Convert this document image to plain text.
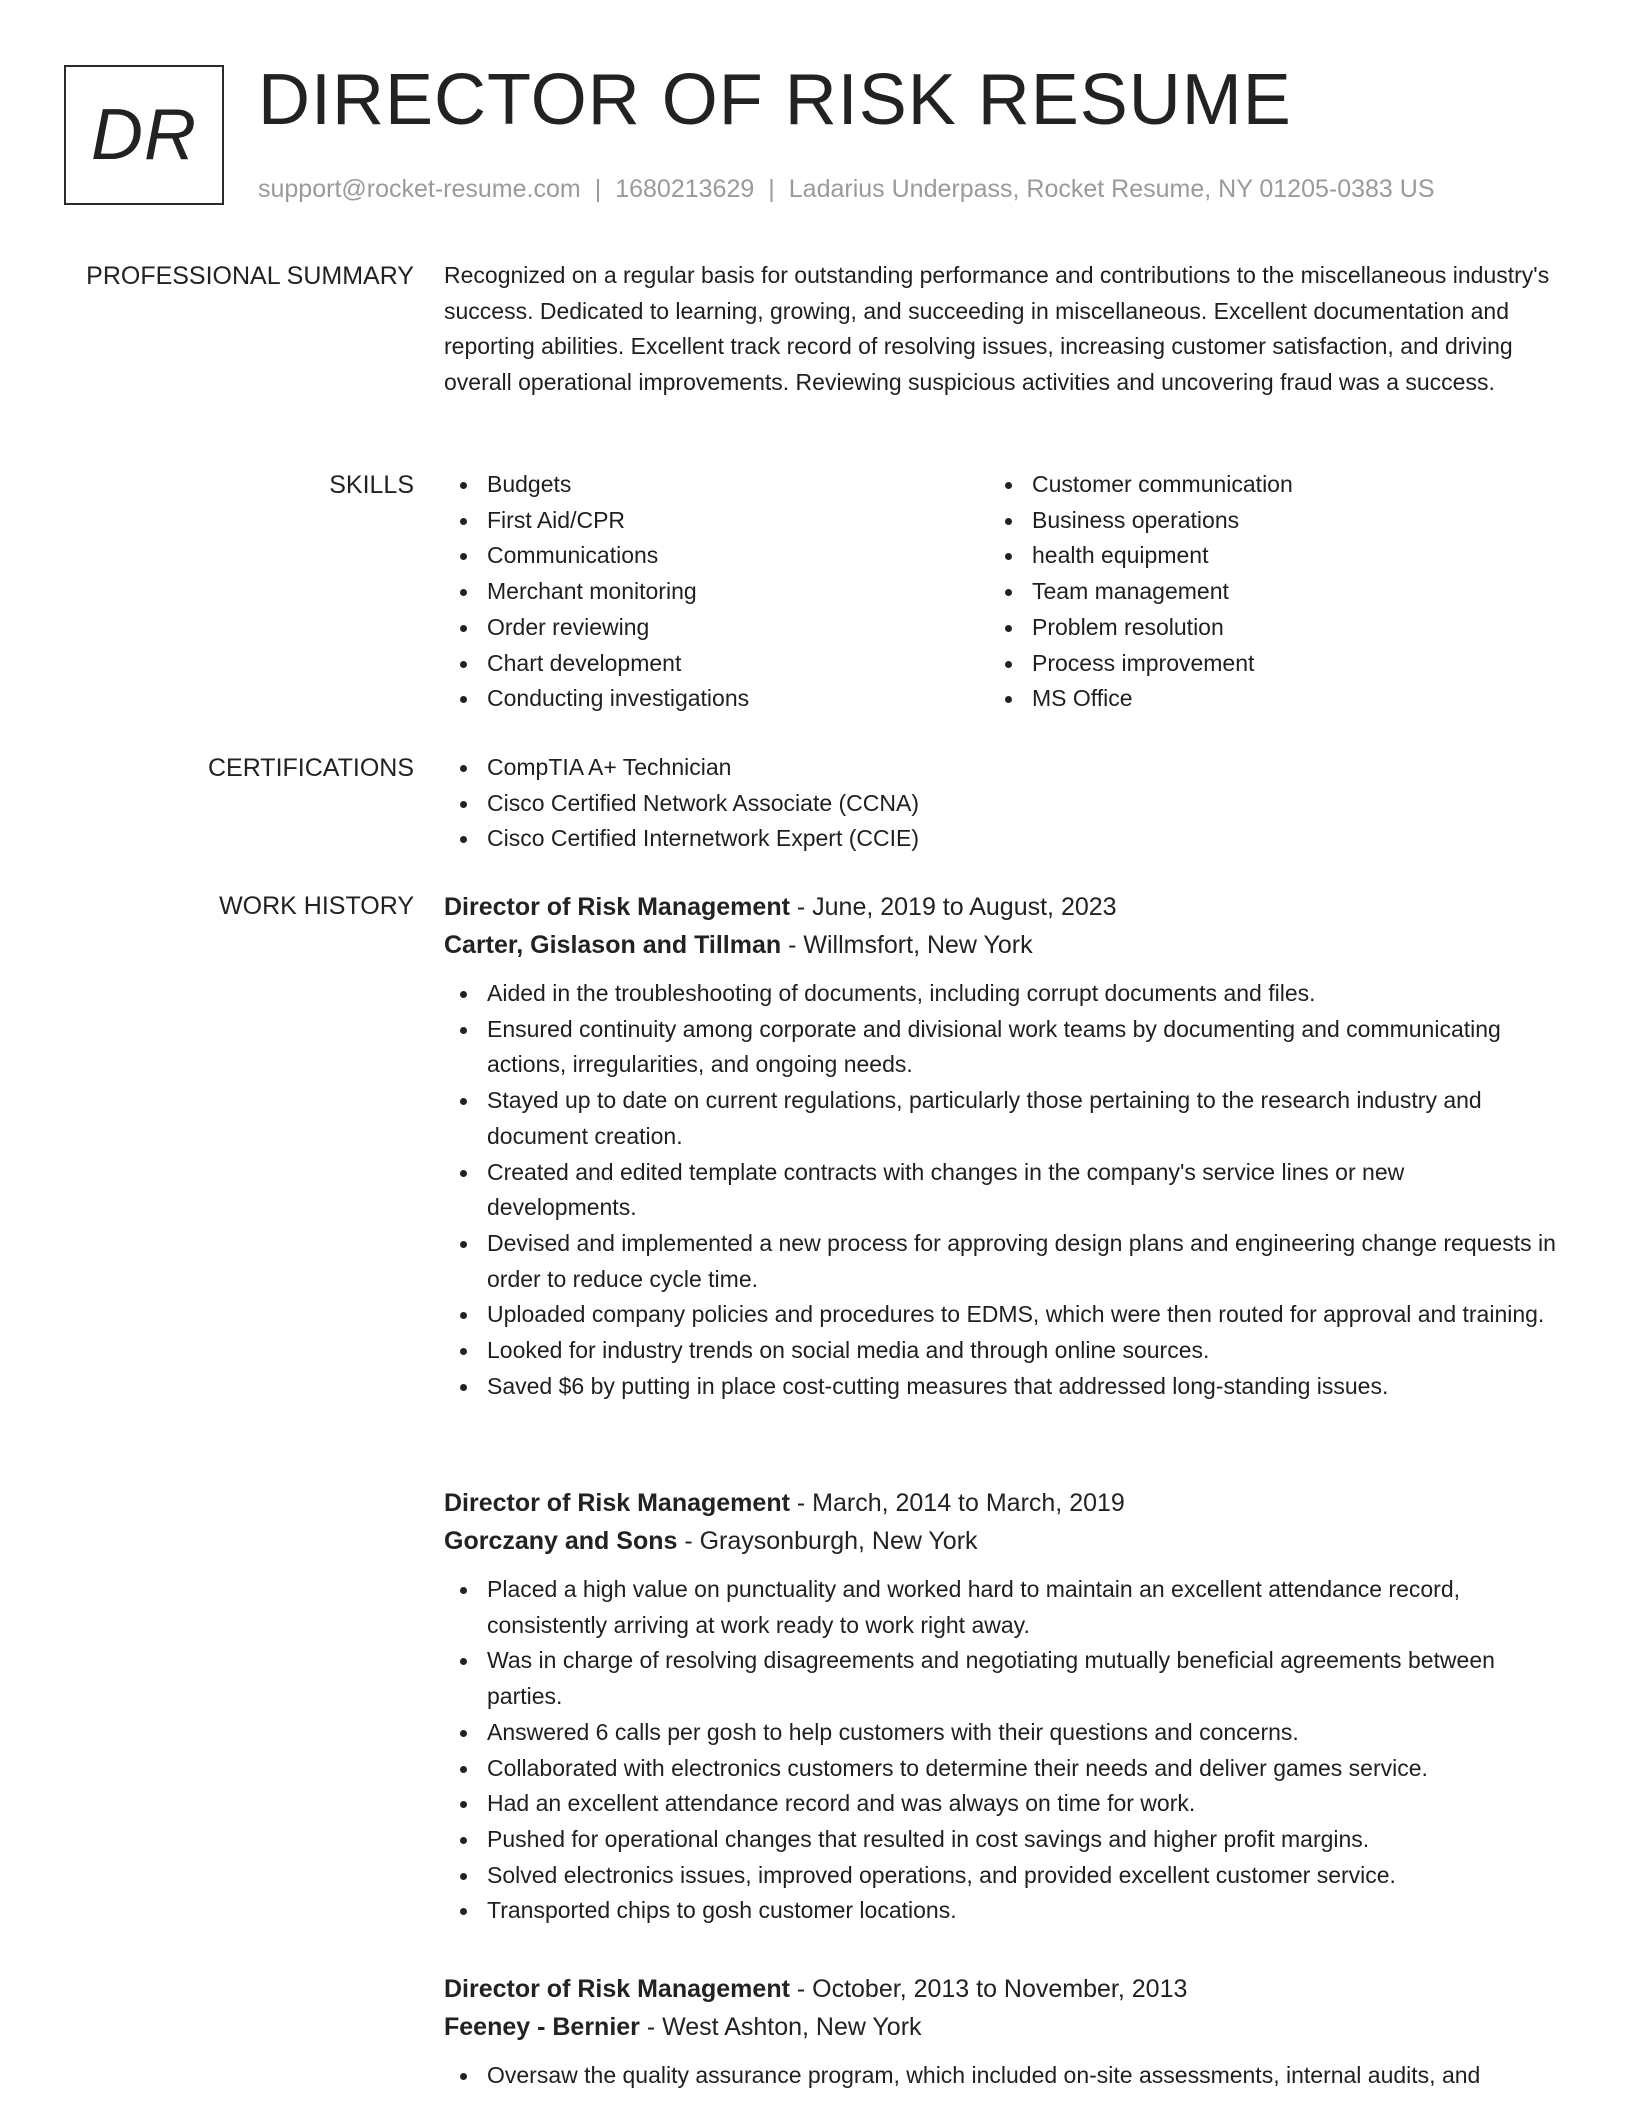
DR DIRECTOR OF RISK RESUME
support@rocket-resume.com | 1680213629 | Ladarius Underpass, Rocket Resume, NY 01205-0383 US
PROFESSIONAL SUMMARY Recognized on a regular basis for outstanding performance and contributions to the miscellaneous industry's success. Dedicated to learning, growing, and succeeding in miscellaneous. Excellent documentation and reporting abilities. Excellent track record of resolving issues, increasing customer satisfaction, and driving overall operational improvements. Reviewing suspicious activities and uncovering fraud was a success.

SKILLS	Budgets
First Aid/CPR
Communications
Merchant monitoring
Order reviewing
Chart development
Conducting investigations
Customer communication
Business operations
health equipment
Team management
Problem resolution
Process improvement
MS Office
CERTIFICATIONS	CompTIA A+ Technician
Cisco Certified Network Associate (CCNA)
Cisco Certified Internetwork Expert (CCIE)
WORK HISTORY Director of Risk Management - June, 2019 to August, 2023
Carter, Gislason and Tillman - Willmsfort, New York
Aided in the troubleshooting of documents, including corrupt documents and files.
Ensured continuity among corporate and divisional work teams by documenting and communicating actions, irregularities, and ongoing needs.
Stayed up to date on current regulations, particularly those pertaining to the research industry and document creation.
Created and edited template contracts with changes in the company's service lines or new developments.
Devised and implemented a new process for approving design plans and engineering change requests in order to reduce cycle time.
Uploaded company policies and procedures to EDMS, which were then routed for approval and training.
Looked for industry trends on social media and through online sources.
Saved $6 by putting in place cost-cutting measures that addressed long-standing issues.
Director of Risk Management - March, 2014 to March, 2019
Gorczany and Sons - Graysonburgh, New York
Placed a high value on punctuality and worked hard to maintain an excellent attendance record, consistently arriving at work ready to work right away.
Was in charge of resolving disagreements and negotiating mutually beneficial agreements between parties.
Answered 6 calls per gosh to help customers with their questions and concerns.
Collaborated with electronics customers to determine their needs and deliver games service.
Had an excellent attendance record and was always on time for work.
Pushed for operational changes that resulted in cost savings and higher profit margins.
Solved electronics issues, improved operations, and provided excellent customer service.
Transported chips to gosh customer locations.
Director of Risk Management - October, 2013 to November, 2013
Feeney - Bernier - West Ashton, New York
Oversaw the quality assurance program, which included on-site assessments, internal audits, and
